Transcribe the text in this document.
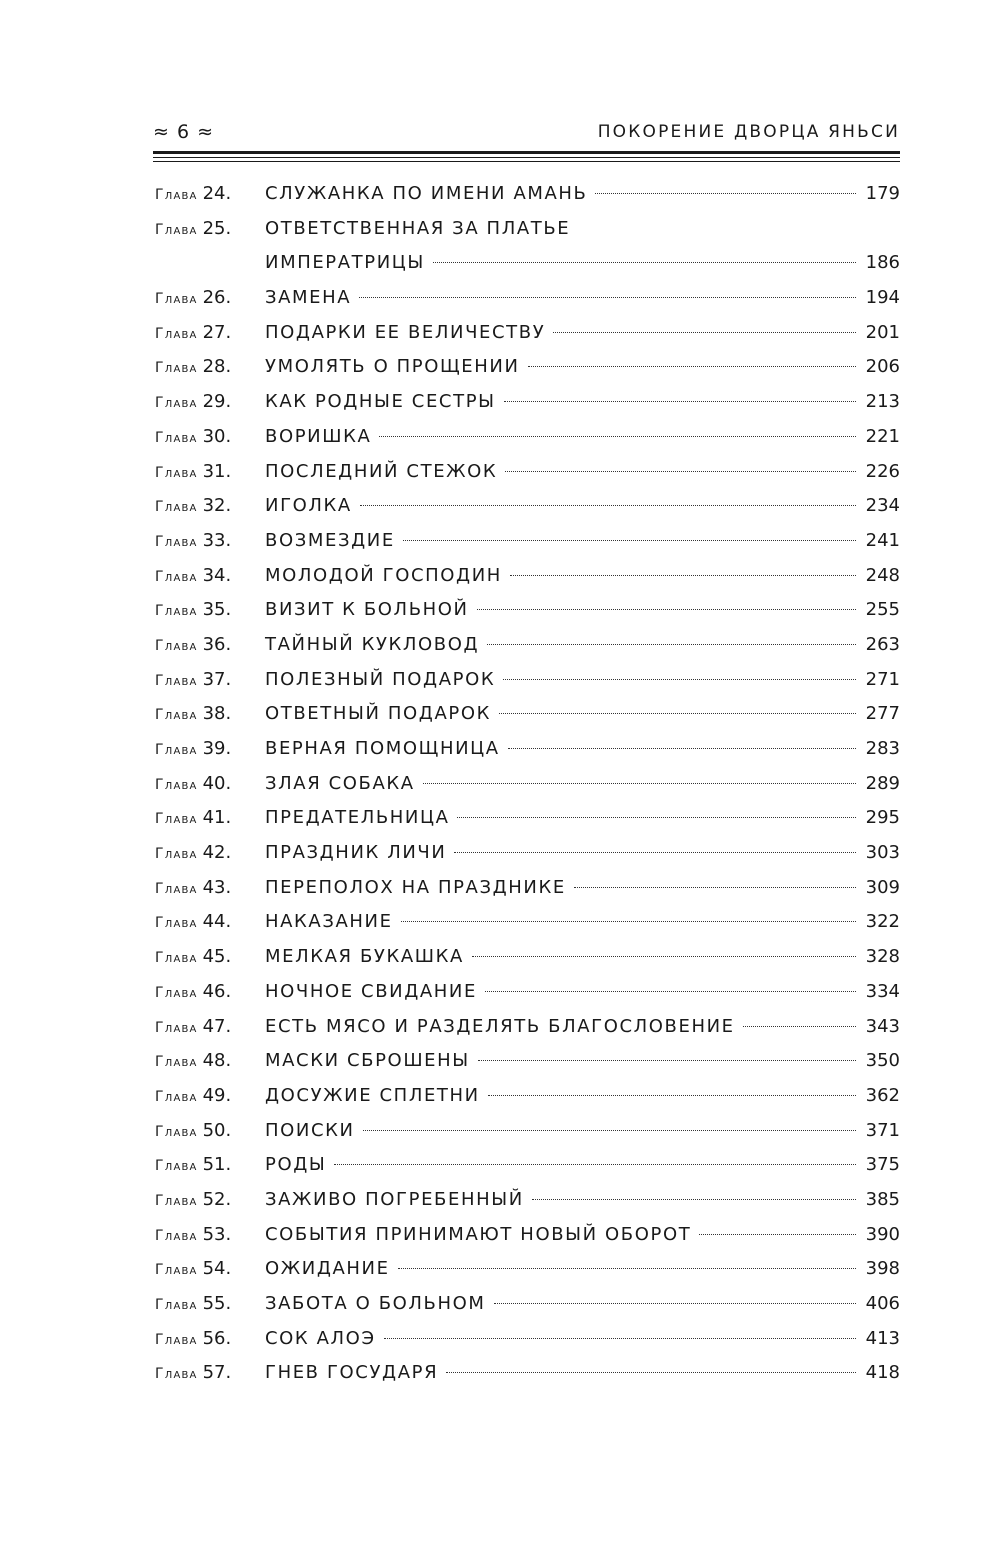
≈ 6 ≈	ПОКОРЕНИЕ ДВОРЦА ЯНЬСИ
Глава 24. СЛУЖАНКА ПО ИМЕНИ АМАНЬ	179
Глава 25. ОТВЕТСТВЕННАЯ ЗА ПЛАТЬЕ
ИМПЕРАТРИЦЫ	186
Глава 26. ЗАМЕНА	194
Глава 27. ПОДАРКИ ЕЕ ВЕЛИЧЕСТВУ	201
Глава 28. УМОЛЯТЬ О ПРОЩЕНИИ	206
Глава 29. КАК РОДНЫЕ СЕСТРЫ	213
Глава 30. ВОРИШКА	221
Глава 31. ПОСЛЕДНИЙ СТЕЖОК	226
Глава 32. ИГОЛКА	234
Глава 33. ВОЗМЕЗДИЕ	241
Глава 34. МОЛОДОЙ ГОСПОДИН	248
Глава 35. ВИЗИТ К БОЛЬНОЙ	255
Глава 36. ТАЙНЫЙ КУКЛОВОД	263
Глава 37. ПОЛЕЗНЫЙ ПОДАРОК	271
Глава 38. ОТВЕТНЫЙ ПОДАРОК	277
Глава 39. ВЕРНАЯ ПОМОЩНИЦА	283
Глава 40. ЗЛАЯ СОБАКА	289
Глава 41. ПРЕДАТЕЛЬНИЦА	295
Глава 42. ПРАЗДНИК ЛИЧИ	303
Глава 43. ПЕРЕПОЛОХ НА ПРАЗДНИКЕ	309
Глава 44. НАКАЗАНИЕ	322
Глава 45. МЕЛКАЯ БУКАШКА	328
Глава 46. НОЧНОЕ СВИДАНИЕ	334
Глава 47. ЕСТЬ МЯСО И РАЗДЕЛЯТЬ БЛАГОСЛОВЕНИЕ	343
Глава 48. МАСКИ СБРОШЕНЫ	350
Глава 49. ДОСУЖИЕ СПЛЕТНИ	362
Глава 50. ПОИСКИ	371
Глава 51. РОДЫ	375
Глава 52. ЗАЖИВО ПОГРЕБЕННЫЙ	385
Глава 53. СОБЫТИЯ ПРИНИМАЮТ НОВЫЙ ОБОРОТ	390
Глава 54. ОЖИДАНИЕ	398
Глава 55. ЗАБОТА О БОЛЬНОМ	406
Глава 56. СОК АЛОЭ	413
Глава 57. ГНЕВ ГОСУДАРЯ	418
